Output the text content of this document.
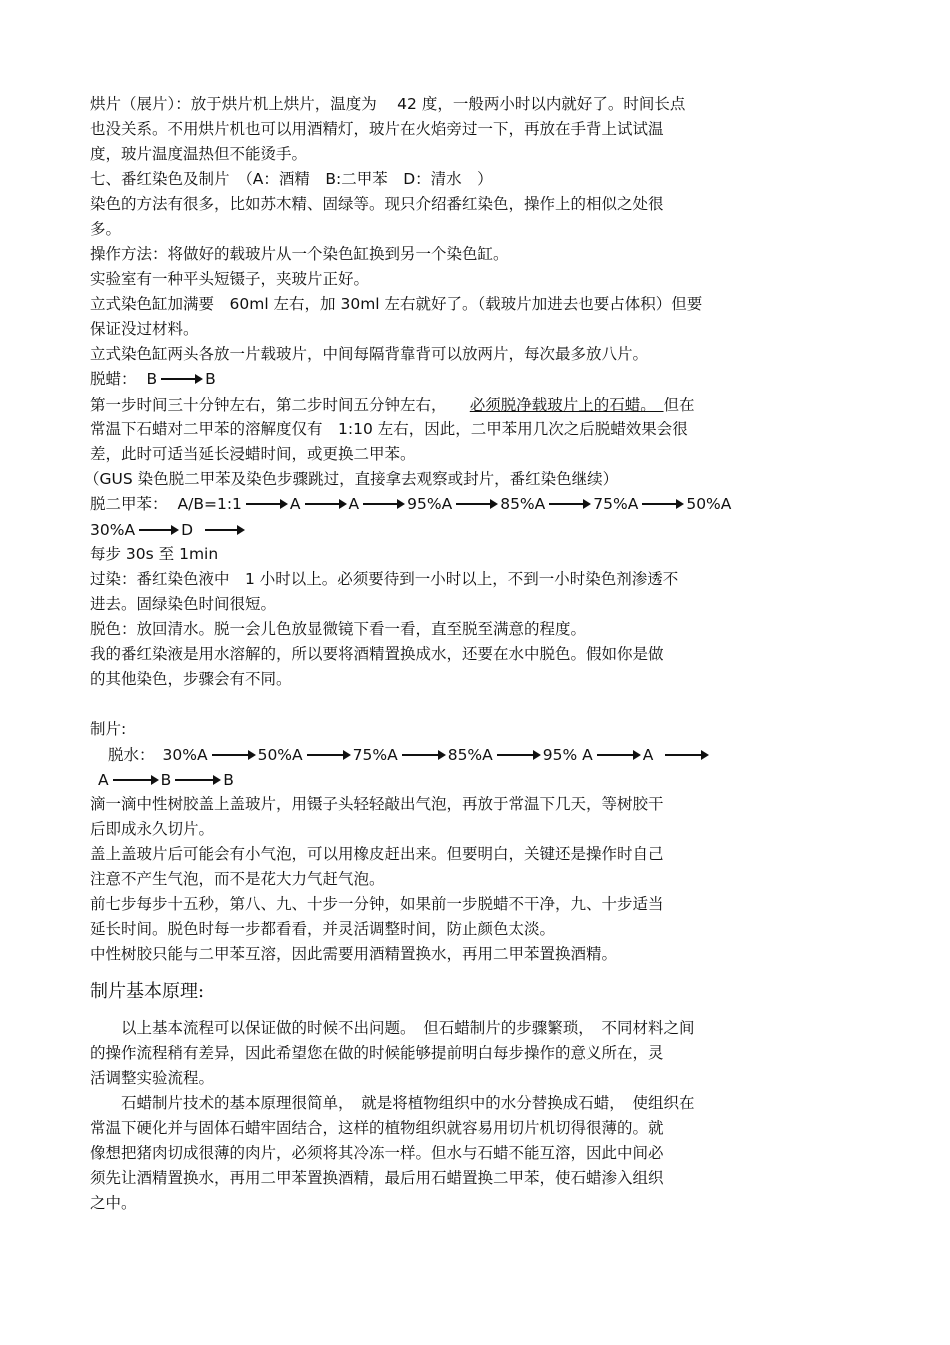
烘片（展片）：放于烘片机上烘片，温度为　 42 度，一般两小时以内就好了。时间长点
也没关系。不用烘片机也可以用酒精灯，玻片在火焰旁过一下，再放在手背上试试温
度，玻片温度温热但不能烫手。
七、番红染色及制片　（A：酒精　B:二甲苯　D：清水　）
染色的方法有很多，比如苏木精、固绿等。现只介绍番红染色，操作上的相似之处很
多。
操作方法：将做好的载玻片从一个染色缸换到另一个染色缸。
实验室有一种平头短镊子，夹玻片正好。
立式染色缸加满要　60ml 左右，加 30ml 左右就好了。（载玻片加进去也要占体积）但要
保证没过材料。
立式染色缸两头各放一片载玻片，中间每隔背靠背可以放两片，每次最多放八片。
脱蜡： B	B
第一步时间三十分钟左右，第二步时间五分钟左右，　　必须脱净载玻片上的石蜡。　但在
常温下石蜡对二甲苯的溶解度仅有　1:10 左右，因此，二甲苯用几次之后脱蜡效果会很
差，此时可适当延长浸蜡时间，或更换二甲苯。
（GUS 染色脱二甲苯及染色步骤跳过，直接拿去观察或封片，番红染色继续）
脱二甲苯： A/B=1:1	A	A	95%A	85%A	75%A	50%A
30%A	D
每步 30s 至 1min
过染：番红染色液中　1 小时以上。必须要待到一小时以上，不到一小时染色剂渗透不
进去。固绿染色时间很短。
脱色：放回清水。脱一会儿色放显微镜下看一看，直至脱至满意的程度。
我的番红染液是用水溶解的，所以要将酒精置换成水，还要在水中脱色。假如你是做
的其他染色，步骤会有不同。
制片:
脱水： 30%A	50%A	75%A	85%A	95% A	A
A	B	B
滴一滴中性树胶盖上盖玻片，用镊子头轻轻敲出气泡，再放于常温下几天，等树胶干
后即成永久切片。
盖上盖玻片后可能会有小气泡，可以用橡皮赶出来。但要明白，关键还是操作时自己
注意不产生气泡，而不是花大力气赶气泡。
前七步每步十五秒，第八、九、十步一分钟，如果前一步脱蜡不干净，九、十步适当
延长时间。脱色时每一步都看看，并灵活调整时间，防止颜色太淡。
中性树胶只能与二甲苯互溶，因此需要用酒精置换水，再用二甲苯置换酒精。
制片基本原理:
　　以上基本流程可以保证做的时候不出问题。　但石蜡制片的步骤繁琐，　不同材料之间
的操作流程稍有差异，因此希望您在做的时候能够提前明白每步操作的意义所在，灵
活调整实验流程。
　　石蜡制片技术的基本原理很简单，　就是将植物组织中的水分替换成石蜡，　使组织在
常温下硬化并与固体石蜡牢固结合，这样的植物组织就容易用切片机切得很薄的。就
像想把猪肉切成很薄的肉片，必须将其冷冻一样。但水与石蜡不能互溶，因此中间必
须先让酒精置换水，再用二甲苯置换酒精，最后用石蜡置换二甲苯，使石蜡渗入组织
之中。
